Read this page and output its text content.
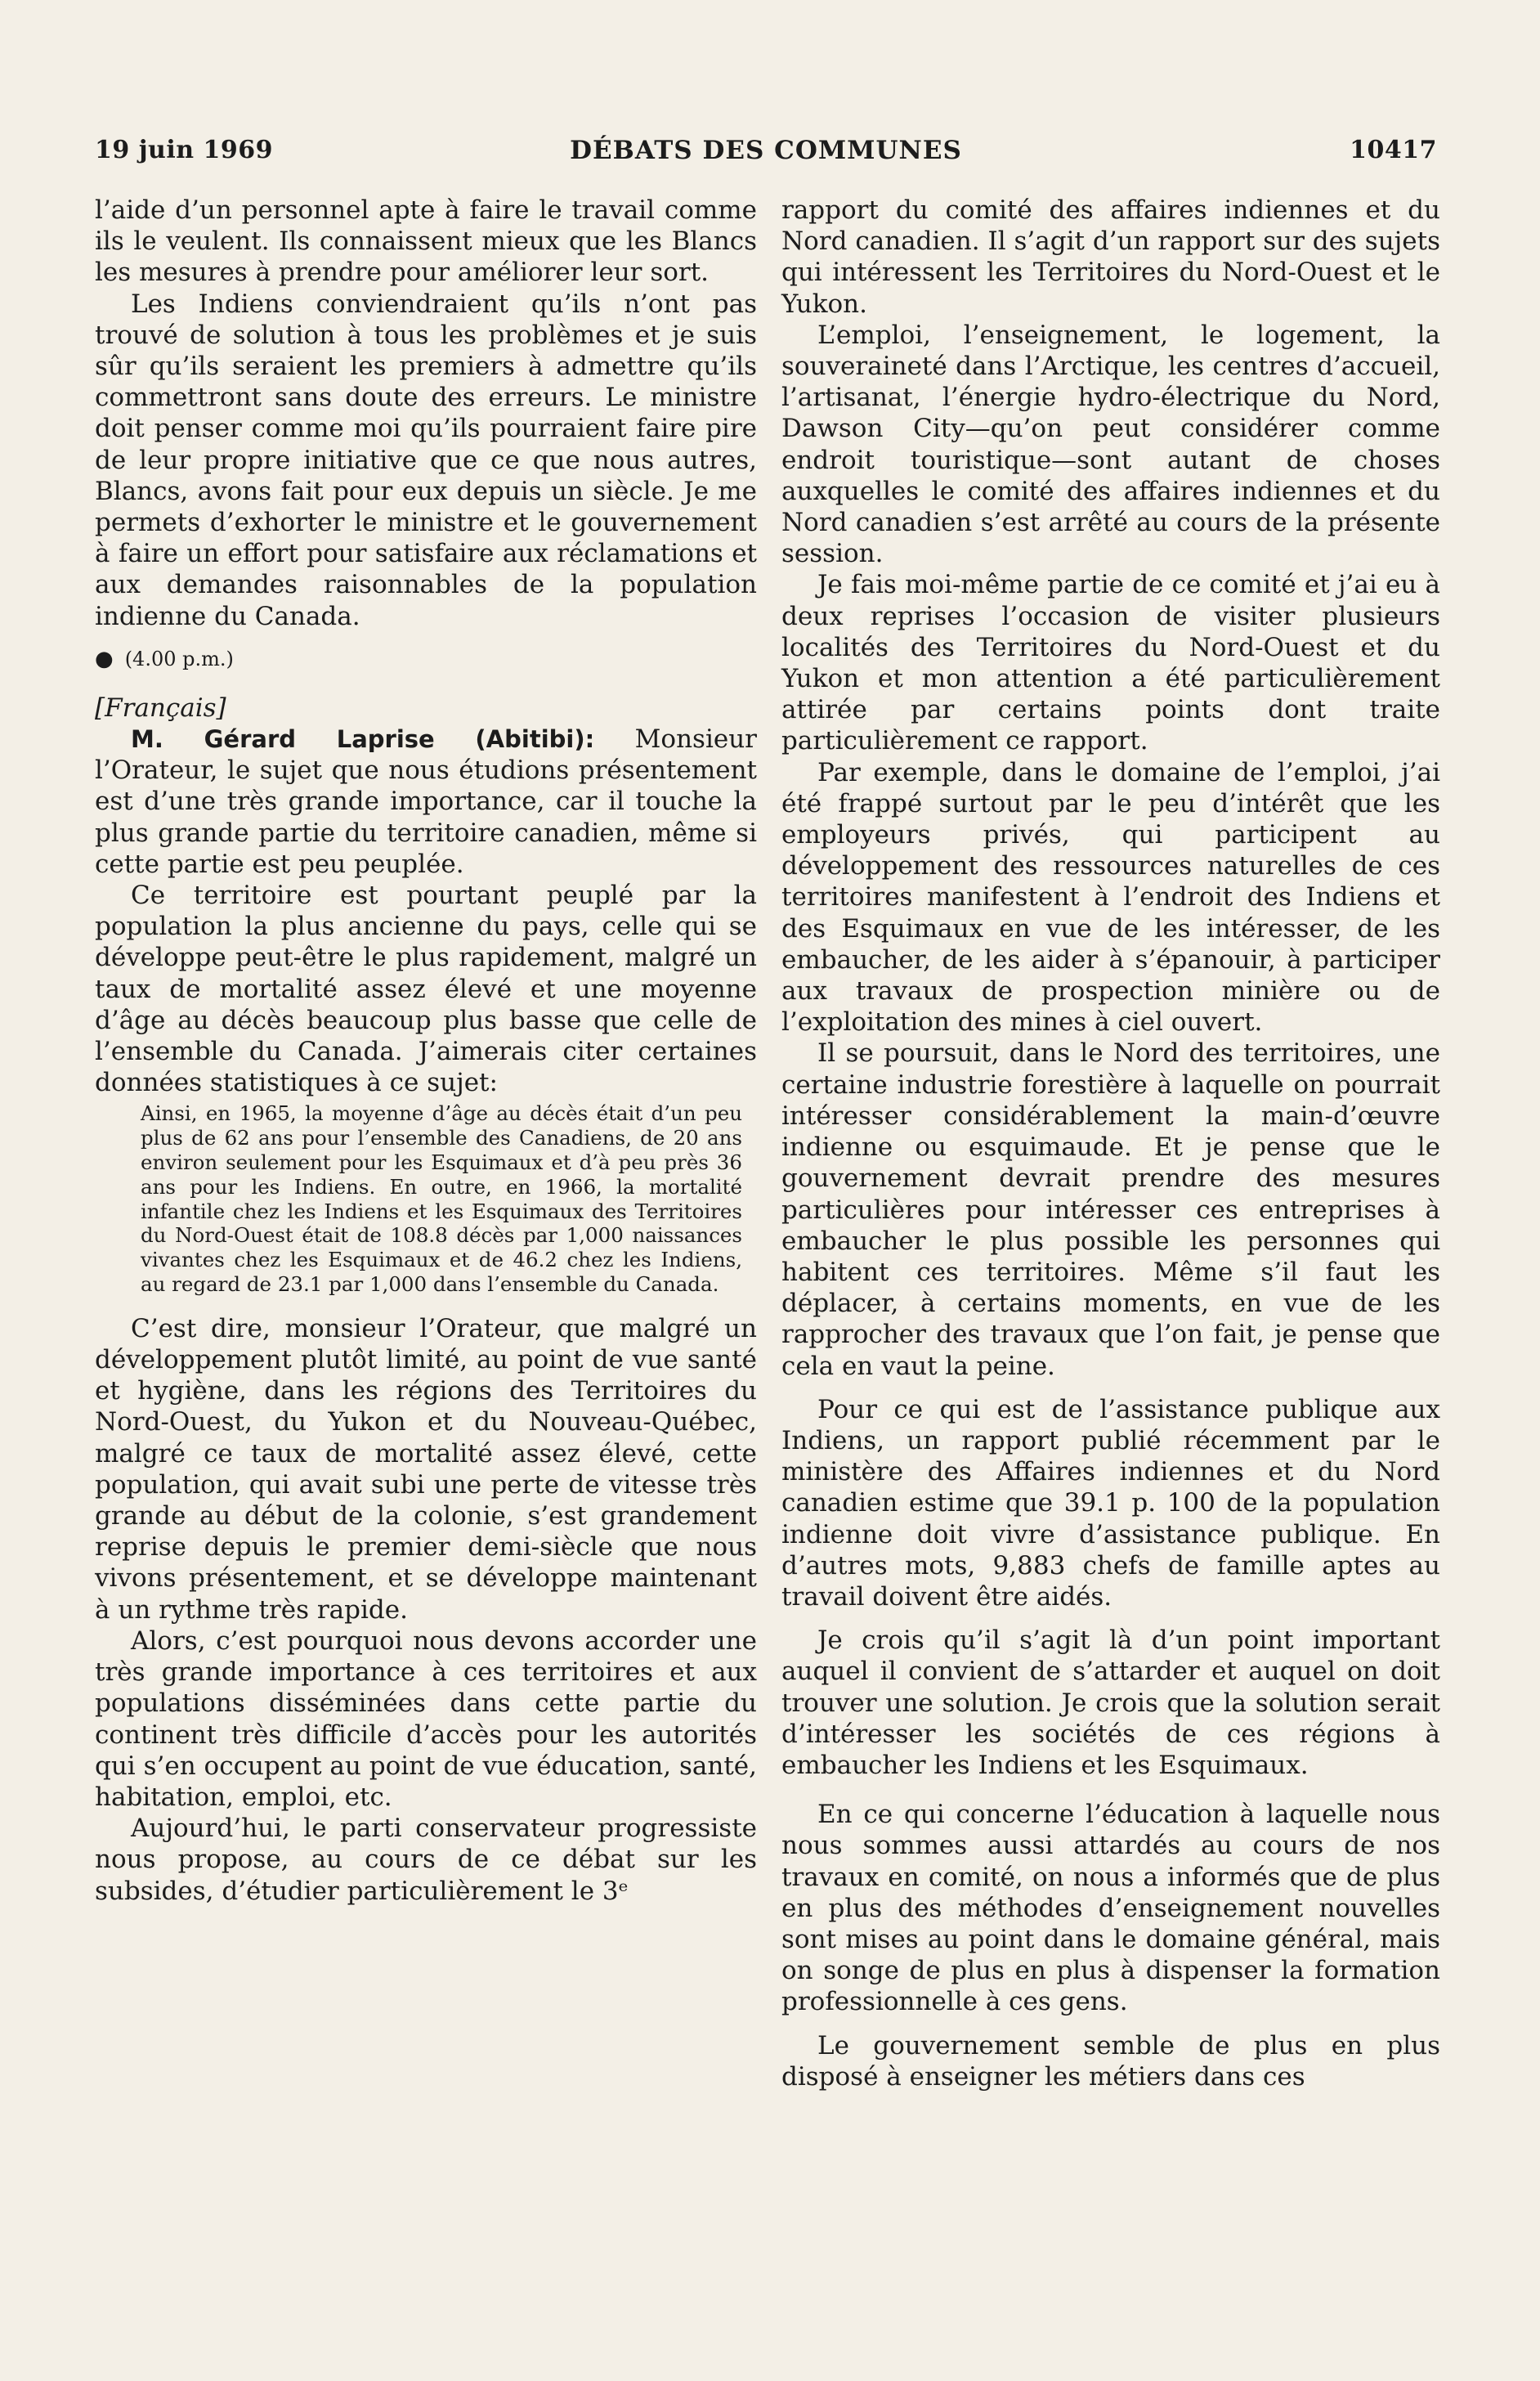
19 juin 1969	DÉBATS DES COMMUNES	10417

l’aide d’un personnel apte à faire le travail comme ils le veulent. Ils connaissent mieux que les Blancs les mesures à prendre pour améliorer leur sort.

Les Indiens conviendraient qu’ils n’ont pas trouvé de solution à tous les problèmes et je suis sûr qu’ils seraient les premiers à admettre qu’ils commettront sans doute des erreurs. Le ministre doit penser comme moi qu’ils pourraient faire pire de leur propre initiative que ce que nous autres, Blancs, avons fait pour eux depuis un siècle. Je me permets d’exhorter le ministre et le gouvernement à faire un effort pour satisfaire aux réclamations et aux demandes raisonnables de la population indienne du Canada.

● (4.00 p.m.)

[Français]

M. Gérard Laprise (Abitibi): Monsieur l’Orateur, le sujet que nous étudions présentement est d’une très grande importance, car il touche la plus grande partie du territoire canadien, même si cette partie est peu peuplée.

Ce territoire est pourtant peuplé par la population la plus ancienne du pays, celle qui se développe peut-être le plus rapidement, malgré un taux de mortalité assez élevé et une moyenne d’âge au décès beaucoup plus basse que celle de l’ensemble du Canada. J’aimerais citer certaines données statistiques à ce sujet:

Ainsi, en 1965, la moyenne d’âge au décès était d’un peu plus de 62 ans pour l’ensemble des Canadiens, de 20 ans environ seulement pour les Esquimaux et d’à peu près 36 ans pour les Indiens. En outre, en 1966, la mortalité infantile chez les Indiens et les Esquimaux des Territoires du Nord-Ouest était de 108.8 décès par 1,000 naissances vivantes chez les Esquimaux et de 46.2 chez les Indiens, au regard de 23.1 par 1,000 dans l’ensemble du Canada.

C’est dire, monsieur l’Orateur, que malgré un développement plutôt limité, au point de vue santé et hygiène, dans les régions des Territoires du Nord-Ouest, du Yukon et du Nouveau-Québec, malgré ce taux de mortalité assez élevé, cette population, qui avait subi une perte de vitesse très grande au début de la colonie, s’est grandement reprise depuis le premier demi-siècle que nous vivons présentement, et se développe maintenant à un rythme très rapide.

Alors, c’est pourquoi nous devons accorder une très grande importance à ces territoires et aux populations disséminées dans cette partie du continent très difficile d’accès pour les autorités qui s’en occupent au point de vue éducation, santé, habitation, emploi, etc.

Aujourd’hui, le parti conservateur progressiste nous propose, au cours de ce débat sur les subsides, d’étudier particulièrement le 3ᵉ

rapport du comité des affaires indiennes et du Nord canadien. Il s’agit d’un rapport sur des sujets qui intéressent les Territoires du Nord-Ouest et le Yukon.

L’emploi, l’enseignement, le logement, la souveraineté dans l’Arctique, les centres d’accueil, l’artisanat, l’énergie hydro-électrique du Nord, Dawson City—qu’on peut considérer comme endroit touristique—sont autant de choses auxquelles le comité des affaires indiennes et du Nord canadien s’est arrêté au cours de la présente session.

Je fais moi-même partie de ce comité et j’ai eu à deux reprises l’occasion de visiter plusieurs localités des Territoires du Nord-Ouest et du Yukon et mon attention a été particulièrement attirée par certains points dont traite particulièrement ce rapport.

Par exemple, dans le domaine de l’emploi, j’ai été frappé surtout par le peu d’intérêt que les employeurs privés, qui participent au développement des ressources naturelles de ces territoires manifestent à l’endroit des Indiens et des Esquimaux en vue de les intéresser, de les embaucher, de les aider à s’épanouir, à participer aux travaux de prospection minière ou de l’exploitation des mines à ciel ouvert.

Il se poursuit, dans le Nord des territoires, une certaine industrie forestière à laquelle on pourrait intéresser considérablement la main-d’œuvre indienne ou esquimaude. Et je pense que le gouvernement devrait prendre des mesures particulières pour intéresser ces entreprises à embaucher le plus possible les personnes qui habitent ces territoires. Même s’il faut les déplacer, à certains moments, en vue de les rapprocher des travaux que l’on fait, je pense que cela en vaut la peine.

Pour ce qui est de l’assistance publique aux Indiens, un rapport publié récemment par le ministère des Affaires indiennes et du Nord canadien estime que 39.1 p. 100 de la population indienne doit vivre d’assistance publique. En d’autres mots, 9,883 chefs de famille aptes au travail doivent être aidés.

Je crois qu’il s’agit là d’un point important auquel il convient de s’attarder et auquel on doit trouver une solution. Je crois que la solution serait d’intéresser les sociétés de ces régions à embaucher les Indiens et les Esquimaux.

En ce qui concerne l’éducation à laquelle nous nous sommes aussi attardés au cours de nos travaux en comité, on nous a informés que de plus en plus des méthodes d’enseignement nouvelles sont mises au point dans le domaine général, mais on songe de plus en plus à dispenser la formation professionnelle à ces gens.

Le gouvernement semble de plus en plus disposé à enseigner les métiers dans ces
